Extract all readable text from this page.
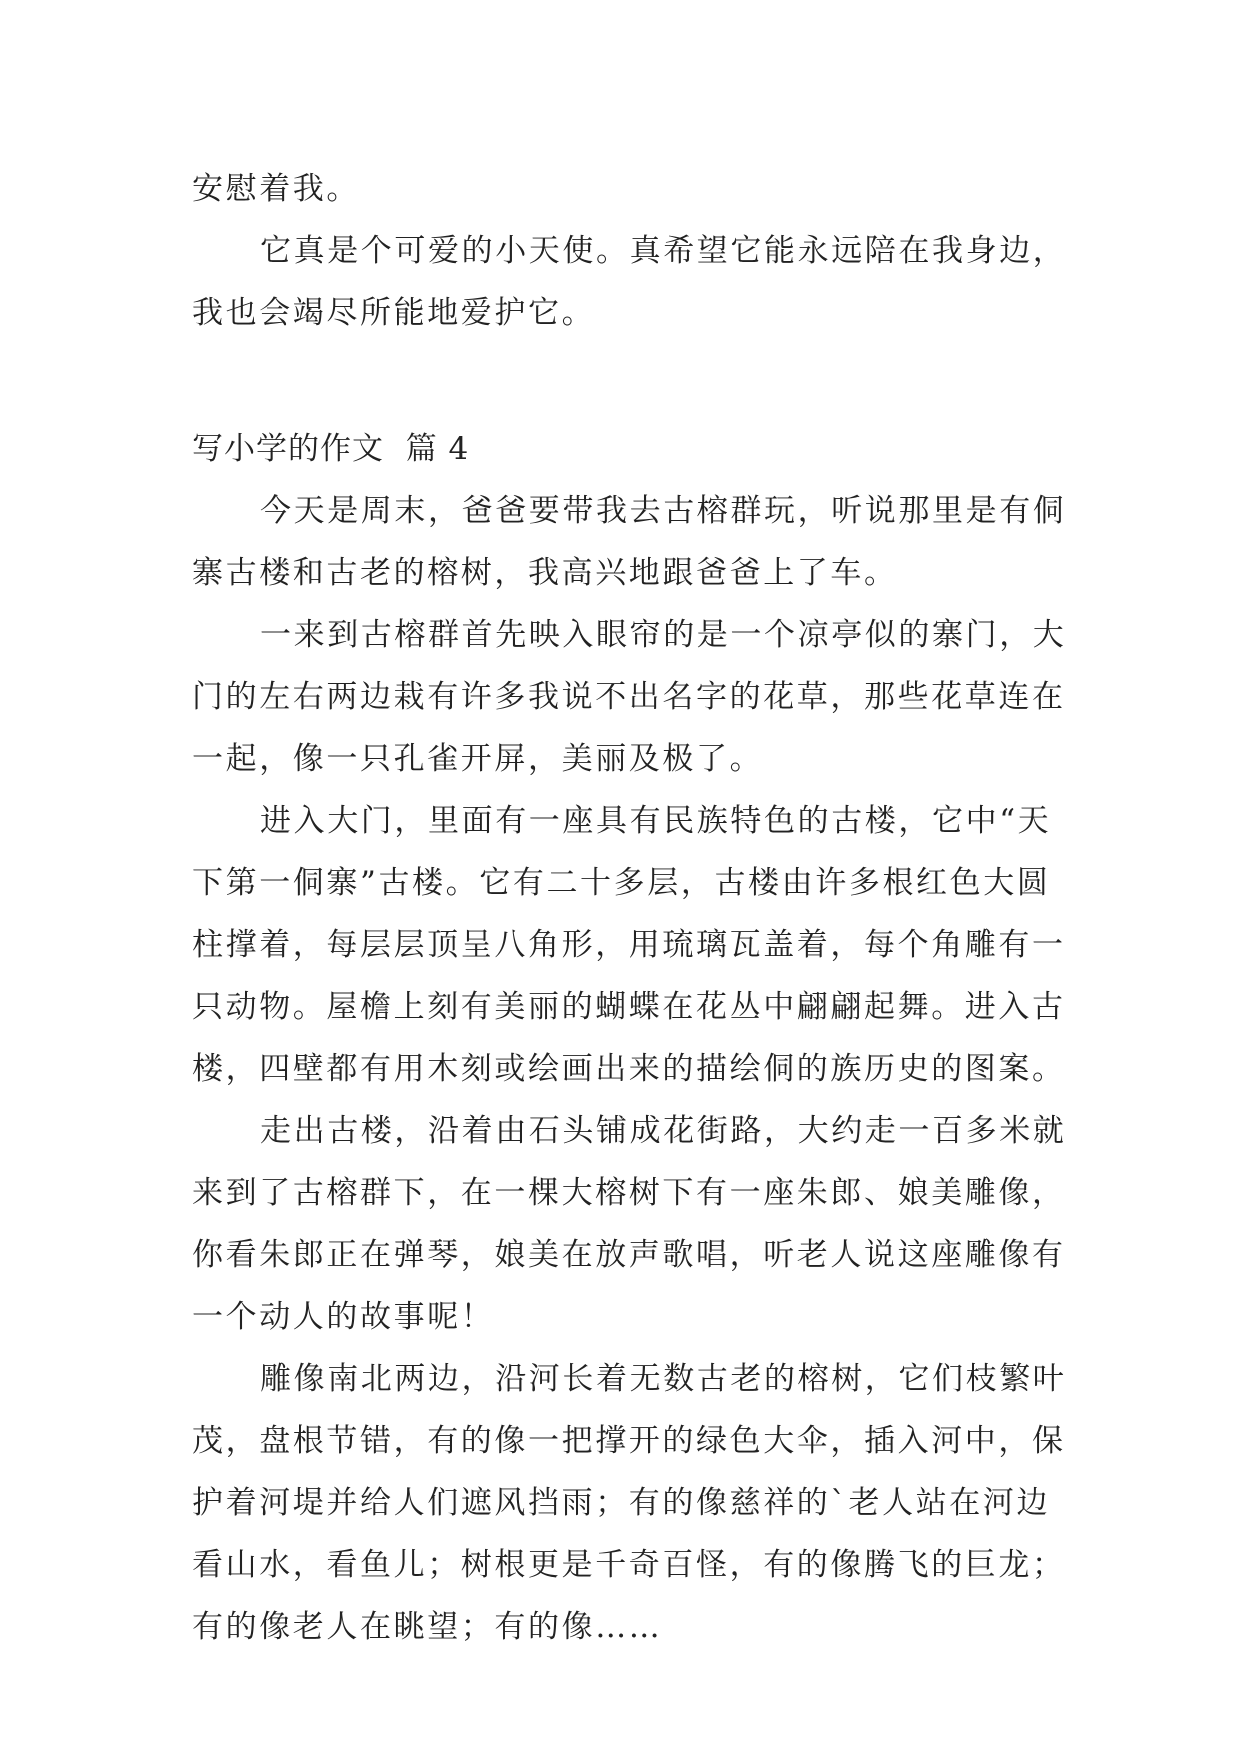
安慰着我。
它真是个可爱的小天使。真希望它能永远陪在我身边，
我也会竭尽所能地爱护它。
写小学的作文  篇 4
今天是周末，爸爸要带我去古榕群玩，听说那里是有侗
寨古楼和古老的榕树，我高兴地跟爸爸上了车。
一来到古榕群首先映入眼帘的是一个凉亭似的寨门，大
门的左右两边栽有许多我说不出名字的花草，那些花草连在
一起，像一只孔雀开屏，美丽及极了。
进入大门，里面有一座具有民族特色的古楼，它中“天
下第一侗寨”古楼。它有二十多层，古楼由许多根红色大圆
柱撑着，每层层顶呈八角形，用琉璃瓦盖着，每个角雕有一
只动物。屋檐上刻有美丽的蝴蝶在花丛中翩翩起舞。进入古
楼，四壁都有用木刻或绘画出来的描绘侗的族历史的图案。
走出古楼，沿着由石头铺成花街路，大约走一百多米就
来到了古榕群下，在一棵大榕树下有一座朱郎、娘美雕像，
你看朱郎正在弹琴，娘美在放声歌唱，听老人说这座雕像有
一个动人的故事呢！
雕像南北两边，沿河长着无数古老的榕树，它们枝繁叶
茂，盘根节错，有的像一把撑开的绿色大伞，插入河中，保
护着河堤并给人们遮风挡雨；有的像慈祥的`老人站在河边
看山水，看鱼儿；树根更是千奇百怪，有的像腾飞的巨龙；
有的像老人在眺望；有的像……
